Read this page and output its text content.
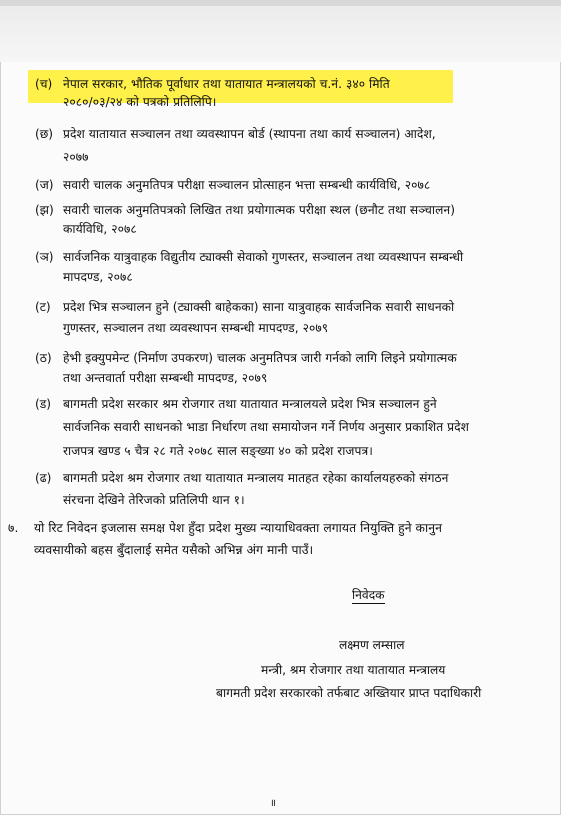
(च) नेपाल सरकार, भौतिक पूर्वाधार तथा यातायात मन्त्रालयको च.नं. ३४० मिति
२०८०/०३/२४ को पत्रको प्रतिलिपि।
(छ) प्रदेश यातायात सञ्चालन तथा व्यवस्थापन बोर्ड (स्थापना तथा कार्य सञ्चालन) आदेश,
२०७७
(ज) सवारी चालक अनुमतिपत्र परीक्षा सञ्चालन प्रोत्साहन भत्ता सम्बन्धी कार्यविधि, २०७८
(झ) सवारी चालक अनुमतिपत्रको लिखित तथा प्रयोगात्मक परीक्षा स्थल (छनौट तथा सञ्चालन)
कार्यविधि, २०७८
(ञ) सार्वजनिक यात्रुवाहक विद्युतीय ट्याक्सी सेवाको गुणस्तर, सञ्चालन तथा व्यवस्थापन सम्बन्धी
मापदण्ड, २०७८
(ट) प्रदेश भित्र सञ्चालन हुने (ट्याक्सी बाहेकका) साना यात्रुवाहक सार्वजनिक सवारी साधनको
गुणस्तर, सञ्चालन तथा व्यवस्थापन सम्बन्धी मापदण्ड, २०७९
(ठ) हेभी इक्युपमेन्ट (निर्माण उपकरण) चालक अनुमतिपत्र जारी गर्नको लागि लिइने प्रयोगात्मक
तथा अन्तवार्ता परीक्षा सम्बन्धी मापदण्ड, २०७९
(ड) बागमती प्रदेश सरकार श्रम रोजगार तथा यातायात मन्त्रालयले प्रदेश भित्र सञ्चालन हुने
सार्वजनिक सवारी साधनको भाडा निर्धारण तथा समायोजन गर्ने निर्णय अनुसार प्रकाशित प्रदेश
राजपत्र खण्ड ५ चैत्र २८ गते २०७८ साल सङ्ख्या ४० को प्रदेश राजपत्र।
(ढ) बागमती प्रदेश श्रम रोजगार तथा यातायात मन्त्रालय मातहत रहेका कार्यालयहरुको संगठन
संरचना देखिने तेरिजको प्रतिलिपी थान १।
७. यो रिट निवेदन इजलास समक्ष पेश हुँदा प्रदेश मुख्य न्यायाधिवक्ता लगायत नियुक्ति हुने कानुन
व्यवसायीको बहस बुँदालाई समेत यसैको अभिन्न अंग मानी पाउँ।
निवेदक
लक्ष्मण लम्साल
मन्त्री, श्रम रोजगार तथा यातायात मन्त्रालय
बागमती प्रदेश सरकारको तर्फबाट अख्तियार प्राप्त पदाधिकारी
॥
